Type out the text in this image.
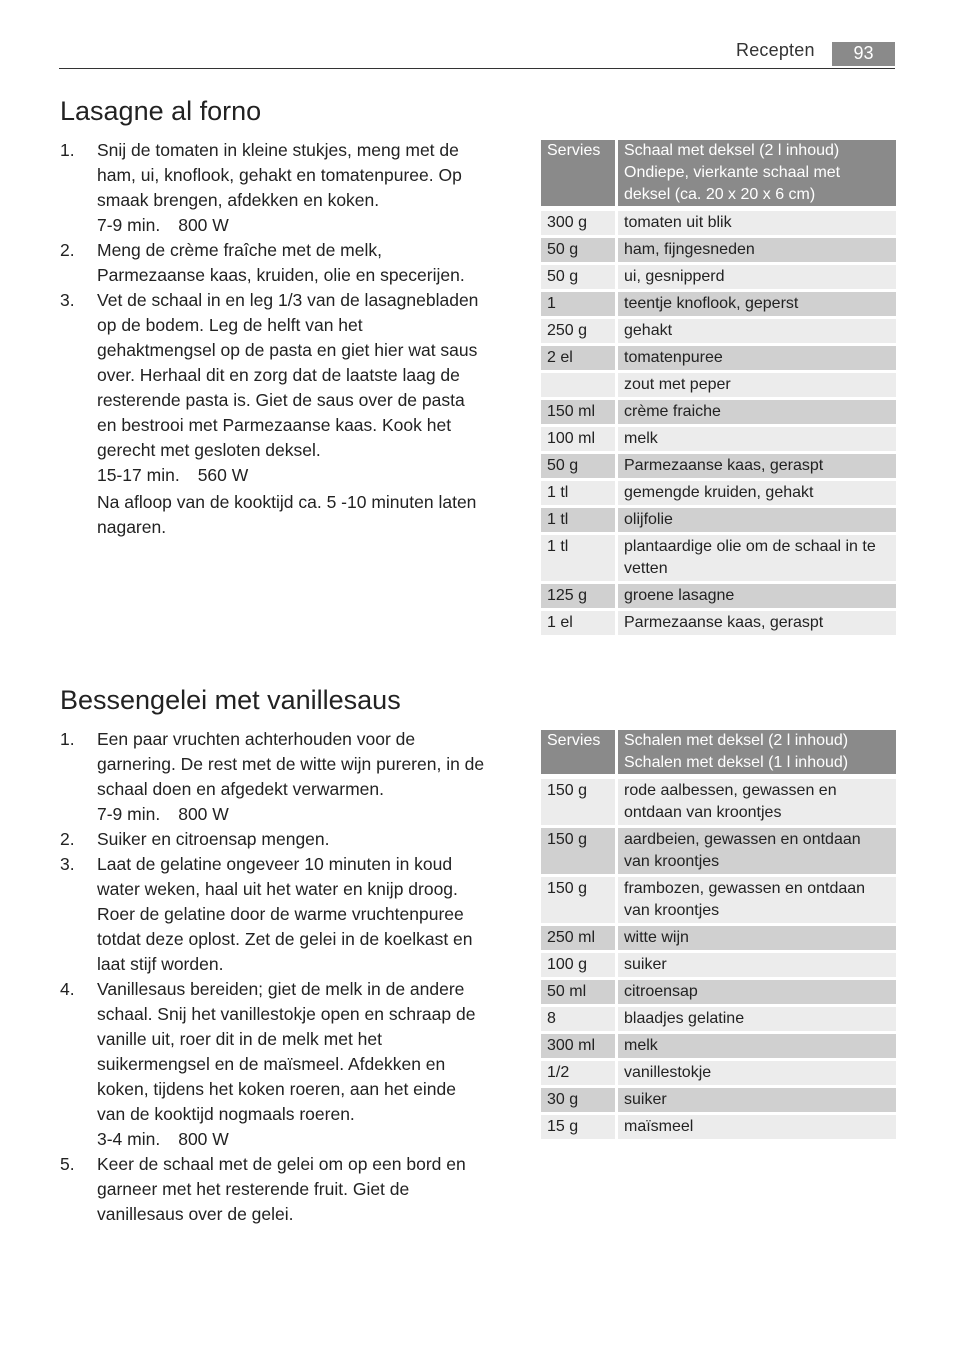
Recepten	93
Lasagne al forno
1.	Snij de tomaten in kleine stukjes, meng met de ham, ui, knoflook, gehakt en tomatenpuree. Op smaak brengen, afdekken en koken.
7-9 min. 800 W
2.	Meng de crème fraîche met de melk, Parmezaanse kaas, kruiden, olie en specerijen.
3.	Vet de schaal in en leg 1/3 van de lasagnebladen op de bodem. Leg de helft van het gehaktmengsel op de pasta en giet hier wat saus over. Herhaal dit en zorg dat de laatste laag de resterende pasta is. Giet de saus over de pasta en bestrooi met Parmezaanse kaas. Kook het gerecht met gesloten deksel.
15-17 min. 560 W
Na afloop van de kooktijd ca. 5 -10 minuten laten nagaren.
Servies	Schaal met deksel (2 l inhoud)
Ondiepe, vierkante schaal met deksel (ca. 20 x 20 x 6 cm)

300 g	tomaten uit blik
50 g	ham, fijngesneden
50 g	ui, gesnipperd
1	teentje knoflook, geperst
250 g	gehakt
2 el	tomatenpuree
	zout met peper
150 ml	crème fraiche
100 ml	melk
50 g	Parmezaanse kaas, geraspt
1 tl	gemengde kruiden, gehakt
1 tl	olijfolie
1 tl	plantaardige olie om de schaal in te vetten
125 g	groene lasagne
1 el	Parmezaanse kaas, geraspt
Bessengelei met vanillesaus
1.	Een paar vruchten achterhouden voor de garnering. De rest met de witte wijn pureren, in de schaal doen en afgedekt verwarmen.
7-9 min. 800 W
2.	Suiker en citroensap mengen.
3.	Laat de gelatine ongeveer 10 minuten in koud water weken, haal uit het water en knijp droog. Roer de gelatine door de warme vruchtenpuree totdat deze oplost. Zet de gelei in de koelkast en laat stijf worden.
4.	Vanillesaus bereiden; giet de melk in de andere schaal. Snij het vanillestokje open en schraap de vanille uit, roer dit in de melk met het suikermengsel en de maïsmeel. Afdekken en koken, tijdens het koken roeren, aan het einde van de kooktijd nogmaals roeren.
3-4 min. 800 W
5.	Keer de schaal met de gelei om op een bord en garneer met het resterende fruit. Giet de vanillesaus over de gelei.
Servies	Schalen met deksel (2 l inhoud)
Schalen met deksel (1 l inhoud)

150 g	rode aalbessen, gewassen en ontdaan van kroontjes
150 g	aardbeien, gewassen en ontdaan van kroontjes
150 g	frambozen, gewassen en ontdaan van kroontjes
250 ml	witte wijn
100 g	suiker
50 ml	citroensap
8	blaadjes gelatine
300 ml	melk
1/2	vanillestokje
30 g	suiker
15 g	maïsmeel
